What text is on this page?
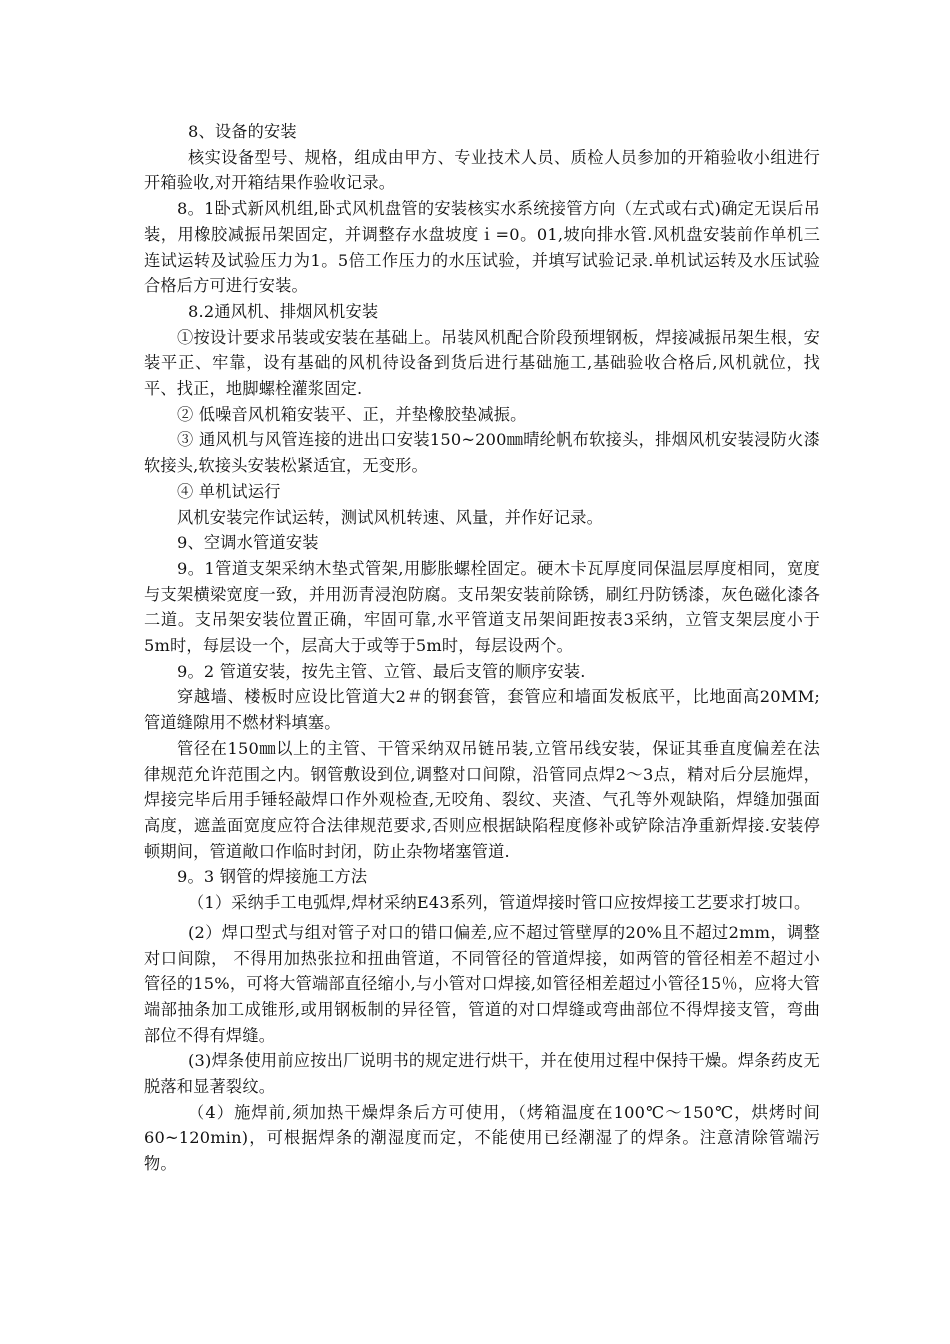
8、设备的安装

核实设备型号、规格，组成由甲方、专业技术人员、质检人员参加的开箱验收小组进行开箱验收,对开箱结果作验收记录。

8。1卧式新风机组,卧式风机盘管的安装核实水系统接管方向（左式或右式)确定无误后吊装，用橡胶减振吊架固定，并调整存水盘坡度ｉ=0。01,坡向排水管.风机盘安装前作单机三连试运转及试验压力为1。5倍工作压力的水压试验，并填写试验记录.单机试运转及水压试验合格后方可进行安装。

8.2通风机、排烟风机安装

①按设计要求吊装或安装在基础上。吊装风机配合阶段预埋钢板，焊接减振吊架生根，安装平正、牢靠，设有基础的风机待设备到货后进行基础施工,基础验收合格后,风机就位，找平、找正，地脚螺栓灌浆固定.

② 低噪音风机箱安装平、正，并垫橡胶垫减振。

③ 通风机与风管连接的进出口安装150~200㎜晴纶帆布软接头，排烟风机安装浸防火漆软接头,软接头安装松紧适宜，无变形。

④ 单机试运行

风机安装完作试运转，测试风机转速、风量，并作好记录。

9、空调水管道安装

9。1管道支架采纳木垫式管架,用膨胀螺栓固定。硬木卡瓦厚度同保温层厚度相同，宽度与支架横梁宽度一致，并用沥青浸泡防腐。支吊架安装前除锈，刷红丹防锈漆，灰色磁化漆各二道。支吊架安装位置正确，牢固可靠,水平管道支吊架间距按表3采纳，立管支架层度小于5m时，每层设一个，层高大于或等于5m时，每层设两个。

9。2 管道安装，按先主管、立管、最后支管的顺序安装.

穿越墙、楼板时应设比管道大2＃的钢套管，套管应和墙面发板底平，比地面高20MM;管道缝隙用不燃材料填塞。

管径在150㎜以上的主管、干管采纳双吊链吊装,立管吊线安装，保证其垂直度偏差在法律规范允许范围之内。钢管敷设到位,调整对口间隙，沿管同点焊2～3点，精对后分层施焊，焊接完毕后用手锤轻敲焊口作外观检查,无咬角、裂纹、夹渣、气孔等外观缺陷，焊缝加强面高度，遮盖面宽度应符合法律规范要求,否则应根据缺陷程度修补或铲除洁净重新焊接.安装停顿期间，管道敞口作临时封闭，防止杂物堵塞管道.

9。3 钢管的焊接施工方法

（1）采纳手工电弧焊,焊材采纳E43系列，管道焊接时管口应按焊接工艺要求打坡口。

(2）焊口型式与组对管子对口的错口偏差,应不超过管壁厚的20%且不超过2mm，调整对口间隙， 不得用加热张拉和扭曲管道，不同管径的管道焊接，如两管的管径相差不超过小管径的15%，可将大管端部直径缩小,与小管对口焊接,如管径相差超过小管径15％，应将大管端部抽条加工成锥形,或用钢板制的异径管，管道的对口焊缝或弯曲部位不得焊接支管，弯曲部位不得有焊缝。

(3)焊条使用前应按出厂说明书的规定进行烘干，并在使用过程中保持干燥。焊条药皮无脱落和显著裂纹。

（4）施焊前,须加热干燥焊条后方可使用，（烤箱温度在100℃～150℃，烘烤时间60~120min)，可根据焊条的潮湿度而定，不能使用已经潮湿了的焊条。注意清除管端污物。
